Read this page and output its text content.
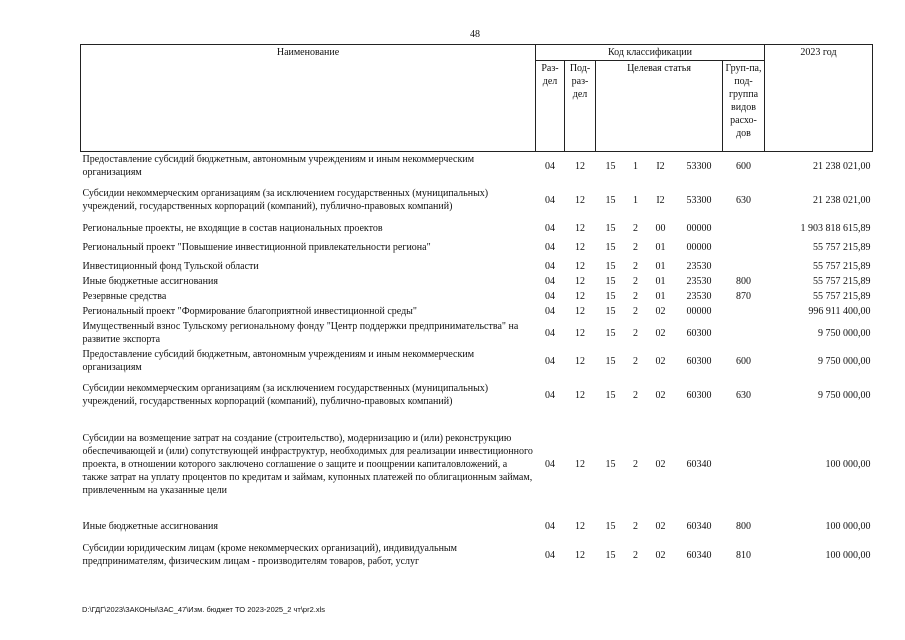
48
Наименование	Код классификации							2023 год
	Раз-дел	Под-раз-дел	Целевая статья				Груп-па, под-группа видов расхо-дов	
Предоставление субсидий бюджетным, автономным учреждениям и иным некоммерческим организациям	04	12	15	1	I2	53300	600	21 238 021,00
Субсидии некоммерческим организациям (за исключением государственных (муниципальных) учреждений, государственных корпораций (компаний), публично-правовых компаний)	04	12	15	1	I2	53300	630	21 238 021,00
Региональные проекты, не входящие в состав национальных проектов	04	12	15	2	00	00000		1 903 818 615,89
Региональный проект "Повышение инвестиционной привлекательности региона"	04	12	15	2	01	00000		55 757 215,89
Инвестиционный фонд Тульской области	04	12	15	2	01	23530		55 757 215,89
Иные бюджетные ассигнования	04	12	15	2	01	23530	800	55 757 215,89
Резервные средства	04	12	15	2	01	23530	870	55 757 215,89
Региональный проект "Формирование благоприятной инвестиционной среды"	04	12	15	2	02	00000		996 911 400,00
Имущественный взнос Тульскому региональному фонду "Центр поддержки предпринимательства" на развитие экспорта	04	12	15	2	02	60300		9 750 000,00
Предоставление субсидий бюджетным, автономным учреждениям и иным некоммерческим организациям	04	12	15	2	02	60300	600	9 750 000,00
Субсидии некоммерческим организациям (за исключением государственных (муниципальных) учреждений, государственных корпораций (компаний), публично-правовых компаний)	04	12	15	2	02	60300	630	9 750 000,00
Субсидии на возмещение затрат на создание (строительство), модернизацию и (или) реконструкцию обеспечивающей и (или) сопутствующей инфраструктур, необходимых для реализации инвестиционного проекта, в отношении которого заключено соглашение о защите и поощрении капиталовложений, а также затрат на уплату процентов по кредитам и займам, купонных платежей по облигационным займам, привлеченным на указанные цели	04	12	15	2	02	60340		100 000,00
Иные бюджетные ассигнования	04	12	15	2	02	60340	800	100 000,00
Субсидии юридическим лицам (кроме некоммерческих организаций), индивидуальным предпринимателям, физическим лицам - производителям товаров, работ, услуг	04	12	15	2	02	60340	810	100 000,00
D:\ГДГ\2023\ЗАКОНЫ\ЗАС_47\Изм. бюджет ТО 2023-2025_2 чт\pr2.xls
